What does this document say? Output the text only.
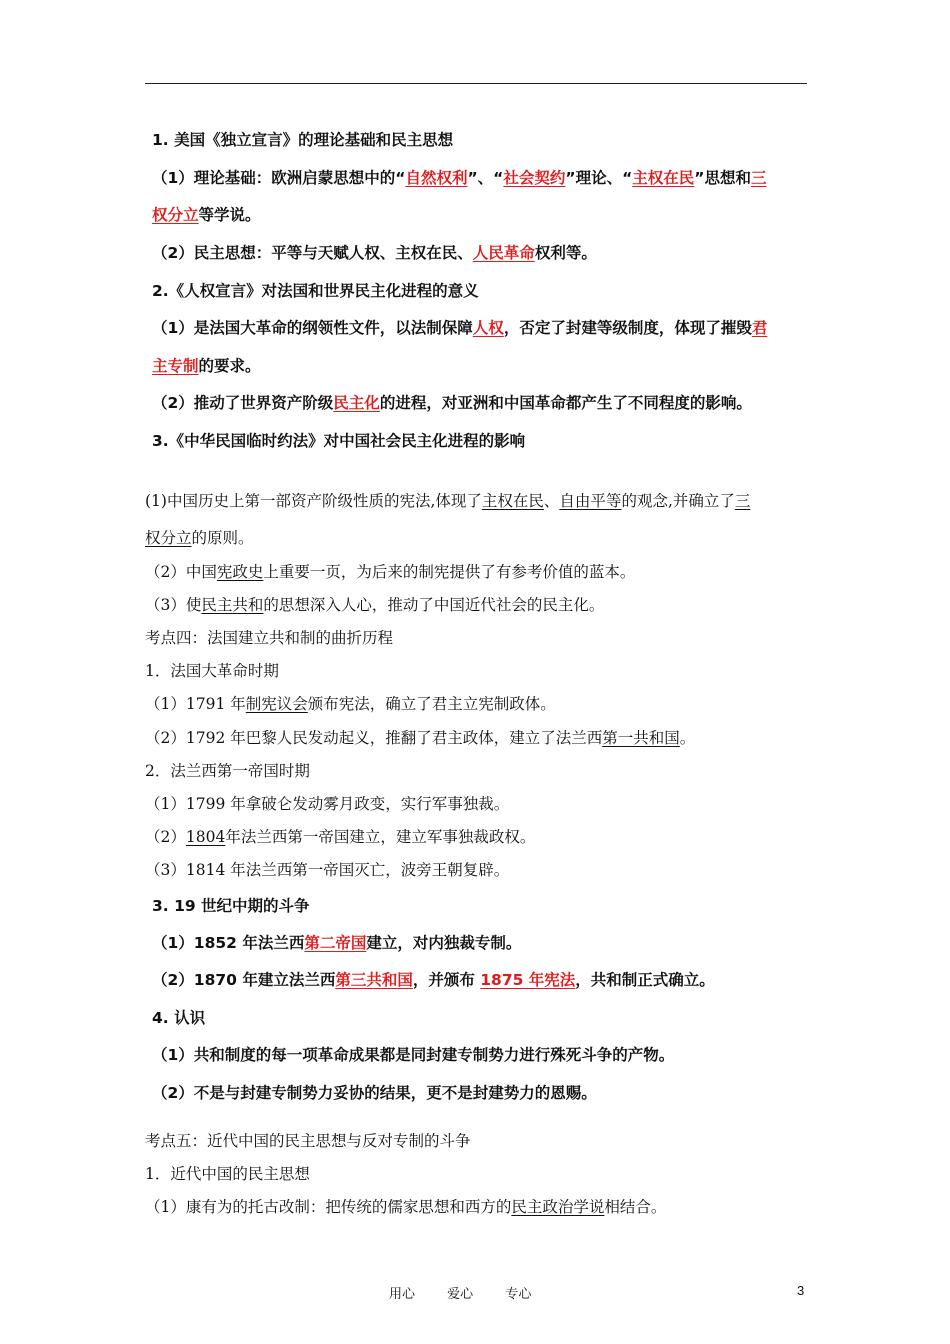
1. 美国《独立宣言》的理论基础和民主思想
（1）理论基础：欧洲启蒙思想中的“自然权利”、“社会契约”理论、“主权在民”思想和三
权分立等学说。
（2）民主思想：平等与天赋人权、主权在民、人民革命权利等。
2.《人权宣言》对法国和世界民主化进程的意义
（1）是法国大革命的纲领性文件，以法制保障人权，否定了封建等级制度，体现了摧毁君
主专制的要求。
（2）推动了世界资产阶级民主化的进程，对亚洲和中国革命都产生了不同程度的影响。
3.《中华民国临时约法》对中国社会民主化进程的影响
(1)中国历史上第一部资产阶级性质的宪法,体现了主权在民、自由平等的观念,并确立了三
权分立的原则。
（2）中国宪政史上重要一页，为后来的制宪提供了有参考价值的蓝本。
（3）使民主共和的思想深入人心，推动了中国近代社会的民主化。
考点四：法国建立共和制的曲折历程
1．法国大革命时期
（1）1791 年制宪议会颁布宪法，确立了君主立宪制政体。
（2）1792 年巴黎人民发动起义，推翻了君主政体，建立了法兰西第一共和国。
2．法兰西第一帝国时期
（1）1799 年拿破仑发动雾月政变，实行军事独裁。
（2）1804年法兰西第一帝国建立，建立军事独裁政权。
（3）1814 年法兰西第一帝国灭亡，波旁王朝复辟。
3. 19 世纪中期的斗争
（1）1852 年法兰西第二帝国建立，对内独裁专制。
（2）1870 年建立法兰西第三共和国，并颁布 1875 年宪法，共和制正式确立。
4. 认识
（1）共和制度的每一项革命成果都是同封建专制势力进行殊死斗争的产物。
（2）不是与封建专制势力妥协的结果，更不是封建势力的恩赐。
考点五：近代中国的民主思想与反对专制的斗争
1．近代中国的民主思想
（1）康有为的托古改制：把传统的儒家思想和西方的民主政治学说相结合。
用心 爱心 专心	3
